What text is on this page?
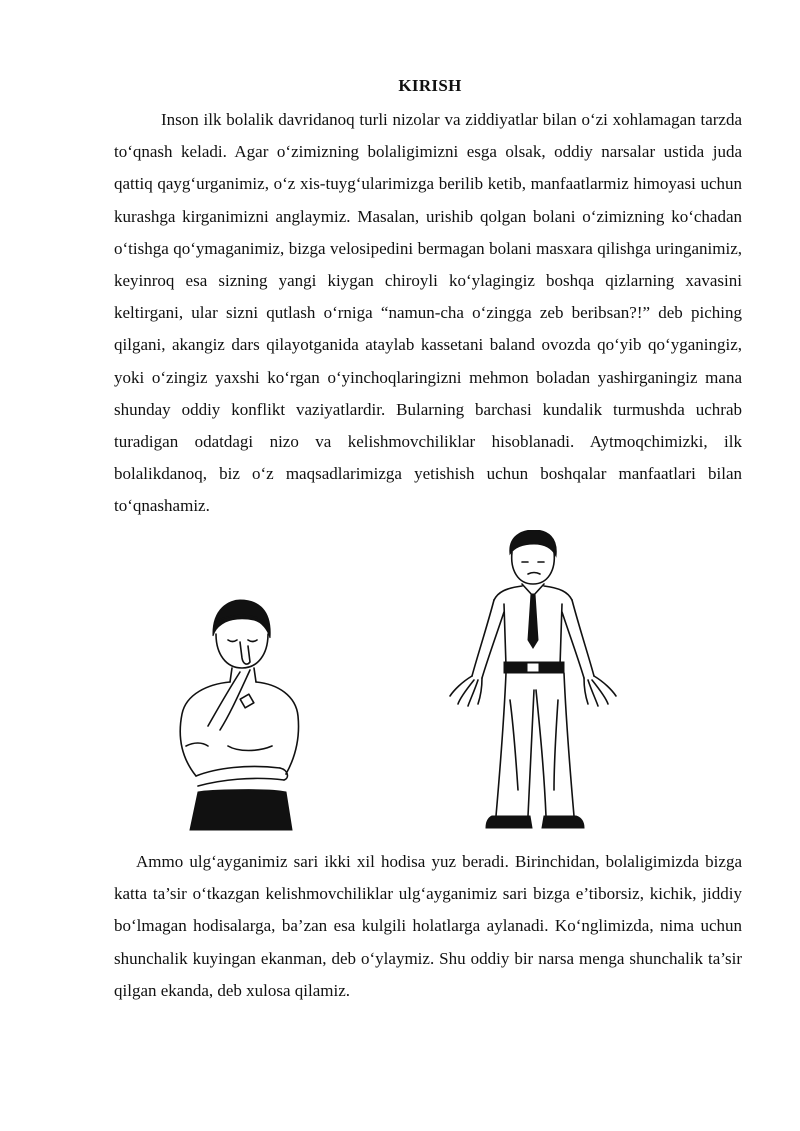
KIRISH

Inson ilk bolalik davridanoq turli nizolar va ziddiyatlar bilan o‘zi xohlamagan tarzda to‘qnash keladi. Agar o‘zimizning bolaligimizni esga olsak, oddiy narsalar ustida juda qattiq qayg‘urganimiz, o‘z xis-tuyg‘ularimizga berilib ketib, manfaatlarmiz himoyasi uchun kurashga kirganimizni anglaymiz. Masalan, urishib qolgan bolani o‘zimizning ko‘chadan o‘tishga qo‘ymaganimiz, bizga velosipedini bermagan bolani masxara qilishga uringanimiz, keyinroq esa sizning yangi kiygan chiroyli ko‘ylagingiz boshqa qizlarning xavasini keltirgani, ular sizni qutlash o‘rniga “namun-cha o‘zingga zeb beribsan?!” deb piching qilgani, akangiz dars qilayotganida ataylab kassetani baland ovozda qo‘yib qo‘yganingiz, yoki o‘zingiz yaxshi ko‘rgan o‘yinchoqlaringizni mehmon boladan yashirganingiz mana shunday oddiy konflikt vaziyatlardir. Bularning barchasi kundalik turmushda uchrab turadigan odatdagi nizo va kelishmovchiliklar hisoblanadi. Aytmoqchimizki, ilk bolalikdanoq, biz o‘z maqsadlarimizga yetishish uchun boshqalar manfaatlari bilan to‘qnashamiz.

Ammo ulg‘ayganimiz sari ikki xil hodisa yuz beradi. Birinchidan, bolaligimizda bizga katta ta’sir o‘tkazgan kelishmovchiliklar ulg‘ayganimiz sari bizga e’tiborsiz, kichik, jiddiy bo‘lmagan hodisalarga, ba’zan esa kulgili holatlarga aylanadi. Ko‘nglimizda, nima uchun shunchalik kuyingan ekanman, deb o‘ylaymiz. Shu oddiy bir narsa menga shunchalik ta’sir qilgan ekanda, deb xulosa qilamiz.
